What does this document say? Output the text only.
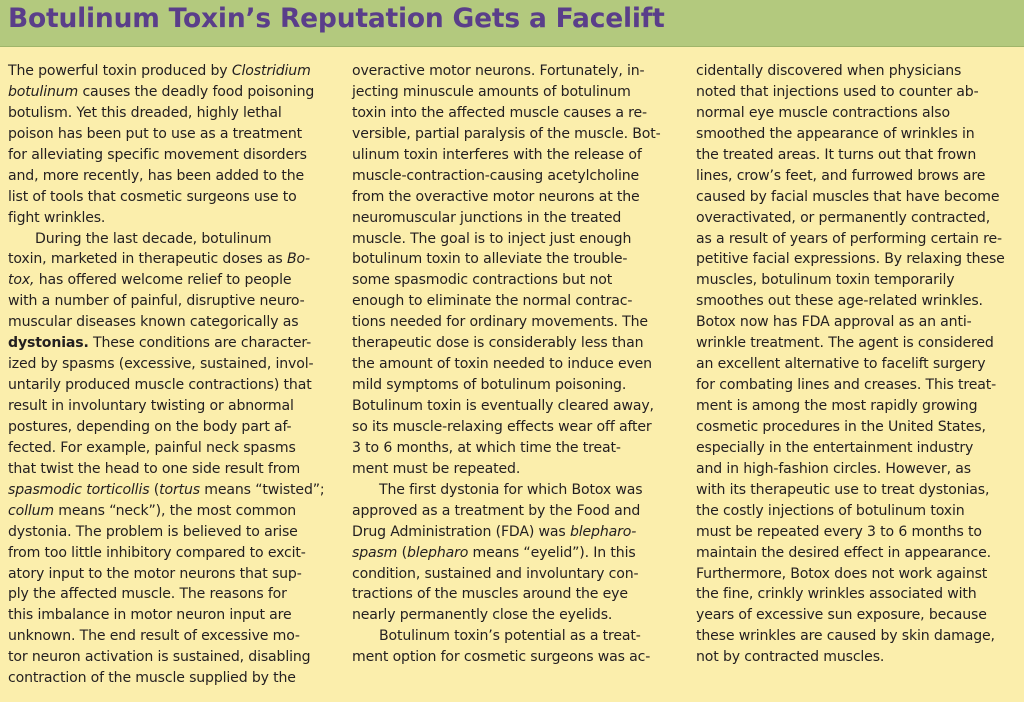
Botulinum Toxin’s Reputation Gets a Facelift
The powerful toxin produced by Clostridium
botulinum causes the deadly food poisoning
botulism. Yet this dreaded, highly lethal
poison has been put to use as a treatment
for alleviating specific movement disorders
and, more recently, has been added to the
list of tools that cosmetic surgeons use to
fight wrinkles.
During the last decade, botulinum
toxin, marketed in therapeutic doses as Bo-
tox, has offered welcome relief to people
with a number of painful, disruptive neuro-
muscular diseases known categorically as
dystonias. These conditions are character-
ized by spasms (excessive, sustained, invol-
untarily produced muscle contractions) that
result in involuntary twisting or abnormal
postures, depending on the body part af-
fected. For example, painful neck spasms
that twist the head to one side result from
spasmodic torticollis (tortus means “twisted”;
collum means “neck”), the most common
dystonia. The problem is believed to arise
from too little inhibitory compared to excit-
atory input to the motor neurons that sup-
ply the affected muscle. The reasons for
this imbalance in motor neuron input are
unknown. The end result of excessive mo-
tor neuron activation is sustained, disabling
contraction of the muscle supplied by the
overactive motor neurons. Fortunately, in-
jecting minuscule amounts of botulinum
toxin into the affected muscle causes a re-
versible, partial paralysis of the muscle. Bot-
ulinum toxin interferes with the release of
muscle-contraction-causing acetylcholine
from the overactive motor neurons at the
neuromuscular junctions in the treated
muscle. The goal is to inject just enough
botulinum toxin to alleviate the trouble-
some spasmodic contractions but not
enough to eliminate the normal contrac-
tions needed for ordinary movements. The
therapeutic dose is considerably less than
the amount of toxin needed to induce even
mild symptoms of botulinum poisoning.
Botulinum toxin is eventually cleared away,
so its muscle-relaxing effects wear off after
3 to 6 months, at which time the treat-
ment must be repeated.
The first dystonia for which Botox was
approved as a treatment by the Food and
Drug Administration (FDA) was blepharo-
spasm (blepharo means “eyelid”). In this
condition, sustained and involuntary con-
tractions of the muscles around the eye
nearly permanently close the eyelids.
Botulinum toxin’s potential as a treat-
ment option for cosmetic surgeons was ac-
cidentally discovered when physicians
noted that injections used to counter ab-
normal eye muscle contractions also
smoothed the appearance of wrinkles in
the treated areas. It turns out that frown
lines, crow’s feet, and furrowed brows are
caused by facial muscles that have become
overactivated, or permanently contracted,
as a result of years of performing certain re-
petitive facial expressions. By relaxing these
muscles, botulinum toxin temporarily
smoothes out these age-related wrinkles.
Botox now has FDA approval as an anti-
wrinkle treatment. The agent is considered
an excellent alternative to facelift surgery
for combating lines and creases. This treat-
ment is among the most rapidly growing
cosmetic procedures in the United States,
especially in the entertainment industry
and in high-fashion circles. However, as
with its therapeutic use to treat dystonias,
the costly injections of botulinum toxin
must be repeated every 3 to 6 months to
maintain the desired effect in appearance.
Furthermore, Botox does not work against
the fine, crinkly wrinkles associated with
years of excessive sun exposure, because
these wrinkles are caused by skin damage,
not by contracted muscles.
